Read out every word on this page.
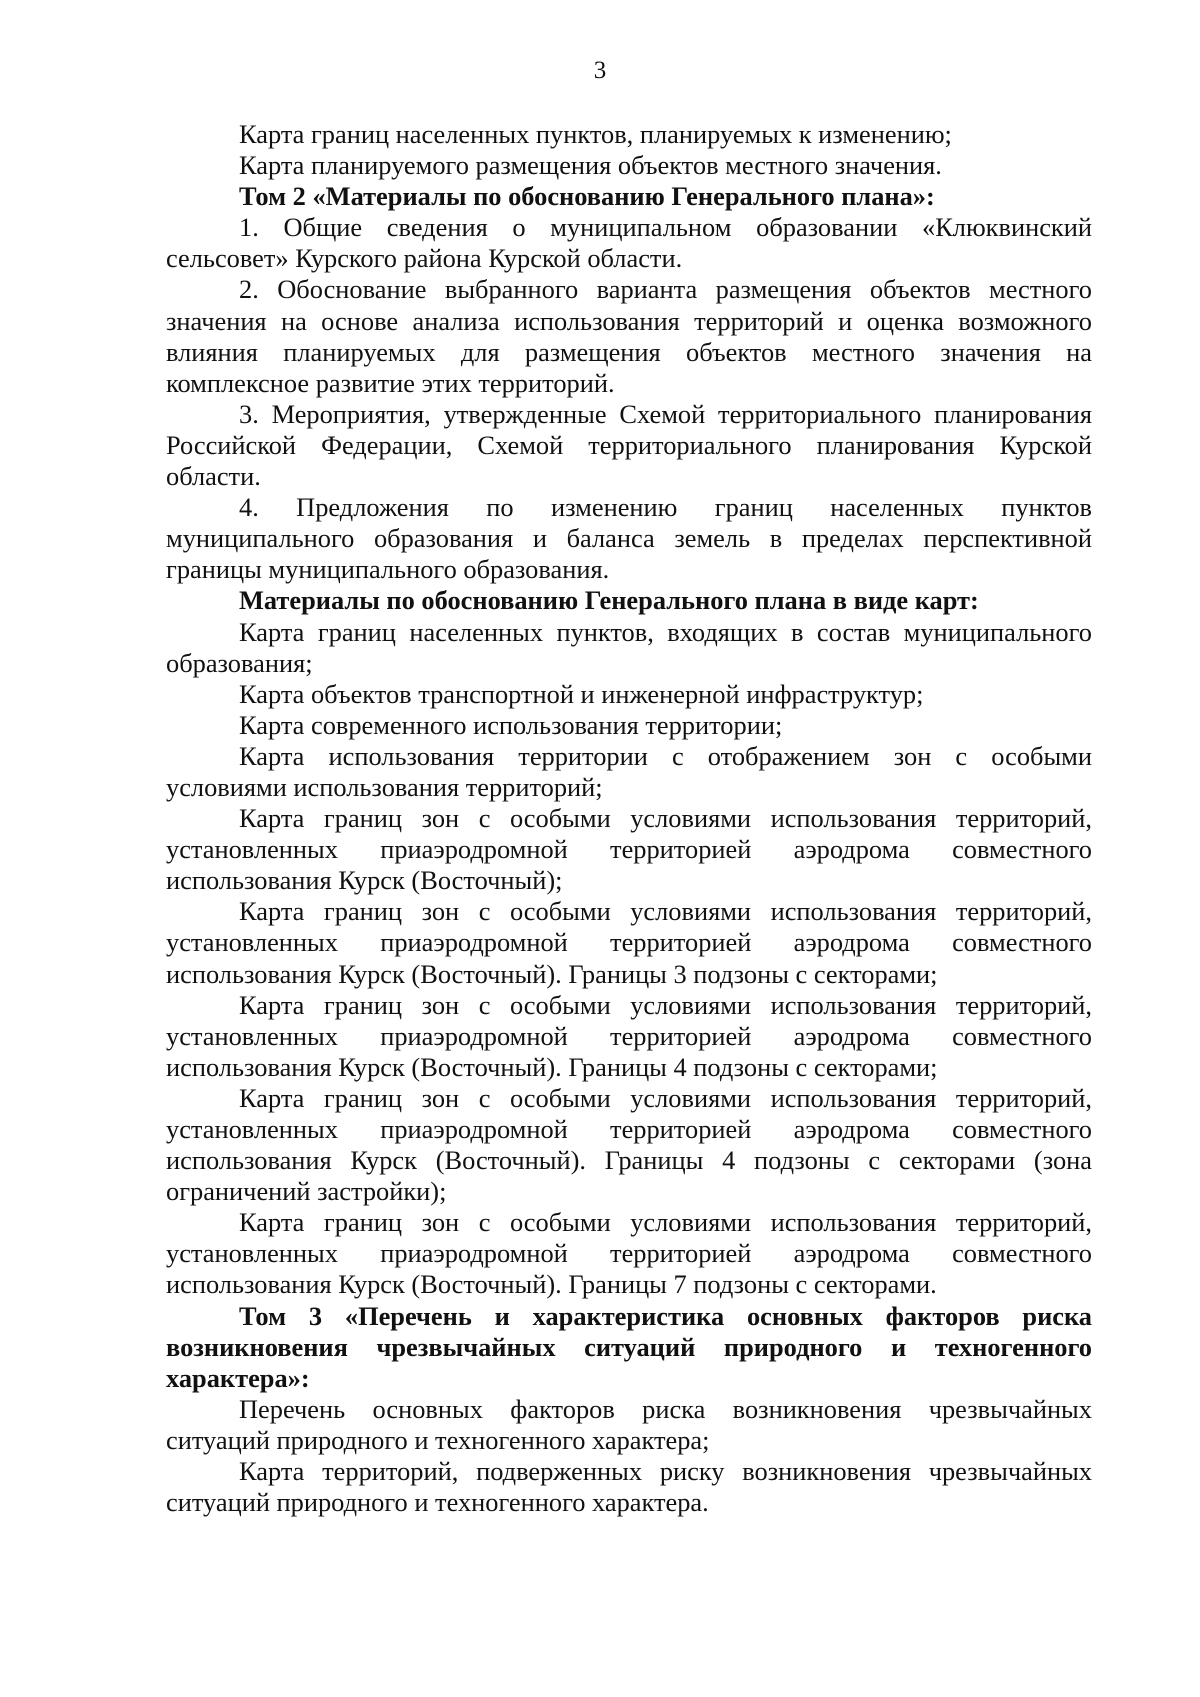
3

Карта границ населенных пунктов, планируемых к изменению;

Карта планируемого размещения объектов местного значения.

Том 2 «Материалы по обоснованию Генерального плана»:

1. Общие сведения о муниципальном образовании «Клюквинский сельсовет» Курского района Курской области.

2. Обоснование выбранного варианта размещения объектов местного значения на основе анализа использования территорий и оценка возможного влияния планируемых для размещения объектов местного значения на комплексное развитие этих территорий.

3. Мероприятия, утвержденные Схемой территориального планирования Российской Федерации, Схемой территориального планирования Курской области.

4. Предложения по изменению границ населенных пунктов муниципального образования и баланса земель в пределах перспективной границы муниципального образования.

Материалы по обоснованию Генерального плана в виде карт:

Карта границ населенных пунктов, входящих в состав муниципального образования;

Карта объектов транспортной и инженерной инфраструктур;

Карта современного использования территории;

Карта использования территории с отображением зон с особыми условиями использования территорий;

Карта границ зон с особыми условиями использования территорий, установленных приаэродромной территорией аэродрома совместного использования Курск (Восточный);

Карта границ зон с особыми условиями использования территорий, установленных приаэродромной территорией аэродрома совместного использования Курск (Восточный). Границы 3 подзоны с секторами;

Карта границ зон с особыми условиями использования территорий, установленных приаэродромной территорией аэродрома совместного использования Курск (Восточный). Границы 4 подзоны с секторами;

Карта границ зон с особыми условиями использования территорий, установленных приаэродромной территорией аэродрома совместного использования Курск (Восточный). Границы 4 подзоны с секторами (зона ограничений застройки);

Карта границ зон с особыми условиями использования территорий, установленных приаэродромной территорией аэродрома совместного использования Курск (Восточный). Границы 7 подзоны с секторами.

Том 3 «Перечень и характеристика основных факторов риска возникновения чрезвычайных ситуаций природного и техногенного характера»:

Перечень основных факторов риска возникновения чрезвычайных ситуаций природного и техногенного характера;

Карта территорий, подверженных риску возникновения чрезвычайных ситуаций природного и техногенного характера.
